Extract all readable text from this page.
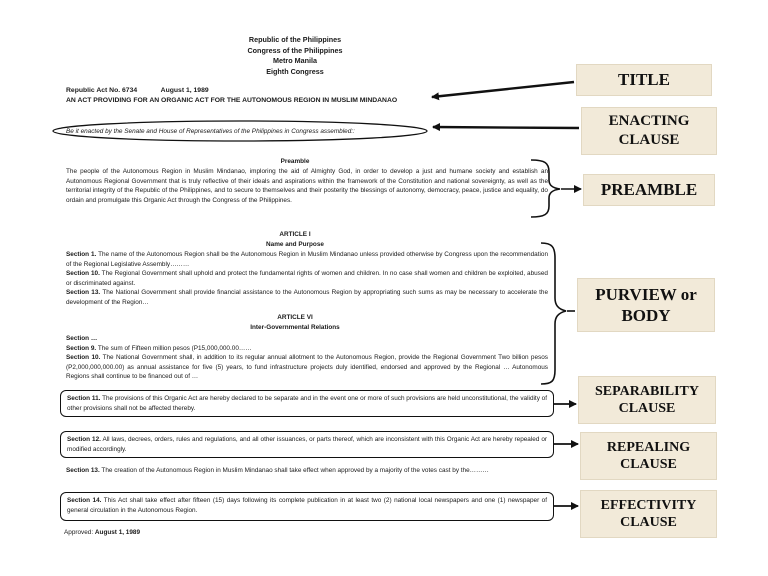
Republic of the Philippines
Congress of the Philippines
Metro Manila
Eighth Congress
Republic Act No. 6734	August 1, 1989
AN ACT PROVIDING FOR AN ORGANIC ACT FOR THE AUTONOMOUS REGION IN MUSLIM MINDANAO
Be it enacted by the Senate and House of Representatives of the Philippines in Congress assembled::
Preamble
The people of the Autonomous Region in Muslim Mindanao, imploring the aid of Almighty God, in order to develop a just and humane society and establish an Autonomous Regional Government that is truly reflective of their ideals and aspirations within the framework of the Constitution and national sovereignty, as well as the territorial integrity of the Republic of the Philippines, and to secure to themselves and their posterity the blessings of autonomy, democracy, peace, justice and equality, do ordain and promulgate this Organic Act through the Congress of the Philippines.
ARTICLE I
Name and Purpose
Section 1. The name of the Autonomous Region shall be the Autonomous Region in Muslim Mindanao unless provided otherwise by Congress upon the recommendation of the Regional Legislative Assembly………
Section 10. The Regional Government shall uphold and protect the fundamental rights of women and children. In no case shall women and children be exploited, abused or discriminated against.
Section 13. The National Government shall provide financial assistance to the Autonomous Region by appropriating such sums as may be necessary to accelerate the development of the Region…
ARTICLE VI
Inter-Governmental Relations
Section …
Section 9. The sum of Fifteen million pesos (P15,000,000.00……
Section 10. The National Government shall, in addition to its regular annual allotment to the Autonomous Region, provide the Regional Government Two billion pesos (P2,000,000,000.00) as annual assistance for five (5) years, to fund infrastructure projects duly identified, endorsed and approved by the Regional … Autonomous Regions shall continue to be financed out of …
Section 11. The provisions of this Organic Act are hereby declared to be separate and in the event one or more of such provisions are held unconstitutional, the validity of other provisions shall not be affected thereby.
Section 12. All laws, decrees, orders, rules and regulations, and all other issuances, or parts thereof, which are inconsistent with this Organic Act are hereby repealed or modified accordingly.
Section 13. The creation of the Autonomous Region in Muslim Mindanao shall take effect when approved by a majority of the votes cast by the………
Section 14. This Act shall take effect after fifteen (15) days following its complete publication in at least two (2) national local newspapers and one (1) newspaper of general circulation in the Autonomous Region.
Approved: August 1, 1989
TITLE
ENACTING CLAUSE
PREAMBLE
PURVIEW or BODY
SEPARABILITY CLAUSE
REPEALING CLAUSE
EFFECTIVITY CLAUSE
